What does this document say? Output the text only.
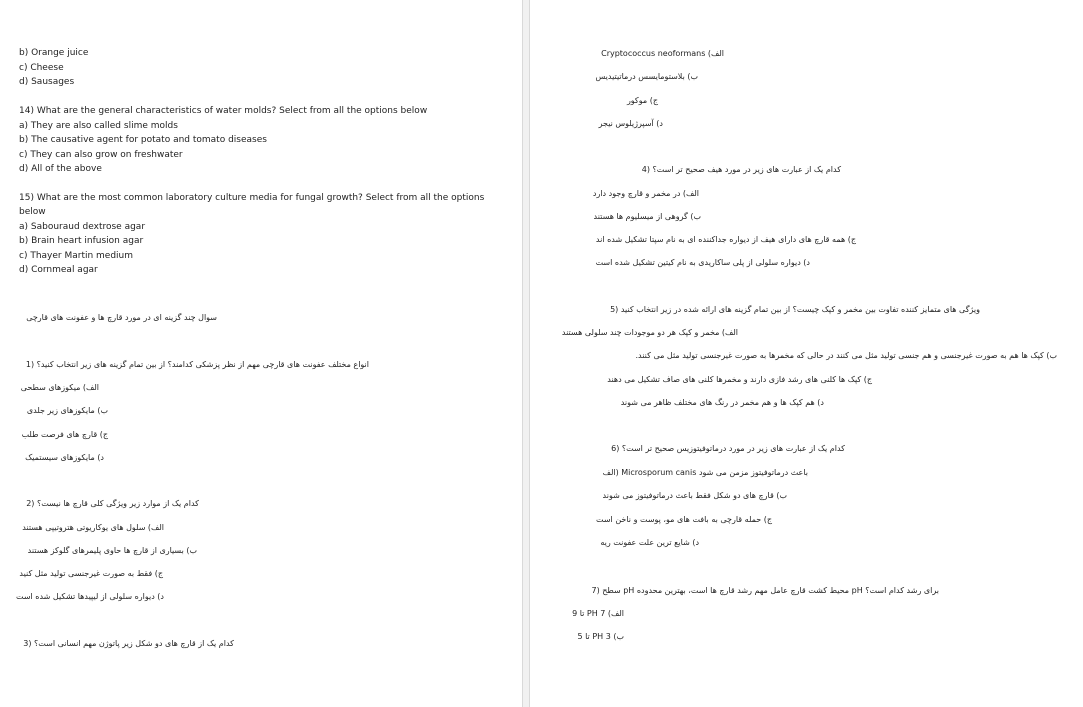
b) Orange juice
c) Cheese
d) Sausages
14) What are the general characteristics of water molds? Select from all the options below
a) They are also called slime molds
b) The causative agent for potato and tomato diseases
c) They can also grow on freshwater
d) All of the above
15) What are the most common laboratory culture media for fungal growth? Select from all the options
below
a) Sabouraud dextrose agar
b) Brain heart infusion agar
c) Thayer Martin medium
d) Cornmeal agar
سوال چند گزینه ای در مورد قارچ ها و عفونت های قارچی
انواع مختلف عفونت های قارچی مهم از نظر پزشکی کدامند؟ از بین تمام گزینه های زیر انتخاب کنید؟ (1
الف) میکوزهای سطحی
ب) مایکوزهای زیر جلدی
ج) قارچ های فرصت طلب
د) مایکوزهای سیستمیک
کدام یک از موارد زیر ویژگی کلی قارچ ها نیست؟ (2
الف) سلول های یوکاریوتی هتروتیپی هستند
ب) بسیاری از قارچ ها حاوی پلیمرهای گلوکز هستند
ج) فقط به صورت غیرجنسی تولید مثل کنید
د) دیواره سلولی از لیپیدها تشکیل شده است
کدام یک از قارچ های دو شکل زیر پاتوژن مهم انسانی است؟ (3
الف) Cryptococcus neoformans
ب) بلاستومایسس درماتیتیدیس
ج) موکور
د) آسپرژیلوس نیجر
کدام یک از عبارت های زیر در مورد هیف صحیح تر است؟ (4
الف) در مخمر و قارچ وجود دارد
ب) گروهی از میسلیوم ها هستند
ج) همه قارچ های دارای هیف از دیواره جداکننده ای به نام سپتا تشکیل شده اند
د) دیواره سلولی از پلی ساکاریدی به نام کیتین تشکیل شده است
ویژگی های متمایز کننده تفاوت بین مخمر و کپک چیست؟ از بین تمام گزینه های ارائه شده در زیر انتخاب کنید (5
الف) مخمر و کپک هر دو موجودات چند سلولی هستند
ب) کپک ها هم به صورت غیرجنسی و هم جنسی تولید مثل می کنند در حالی که مخمرها به صورت غیرجنسی تولید مثل می کنند.
ج) کپک ها کلنی های رشد فازی دارند و مخمرها کلنی های صاف تشکیل می دهند
د) هم کپک ها و هم مخمر در رنگ های مختلف ظاهر می شوند
کدام یک از عبارت های زیر در مورد درماتوفیتوزیس صحیح تر است؟ (6
باعث درماتوفیتوز مزمن می شود Microsporum canis (الف
ب) قارچ های دو شکل فقط باعث درماتوفیتوز می شوند
ج) حمله قارچی به بافت های مو، پوست و ناخن است
د) شایع ترین علت عفونت ریه
برای رشد کدام است؟ pH محیط کشت قارچ عامل مهم رشد قارچ ها است، بهترین محدوده pH سطح (7
الف) PH 7 تا 9
ب) PH 3 تا 5
